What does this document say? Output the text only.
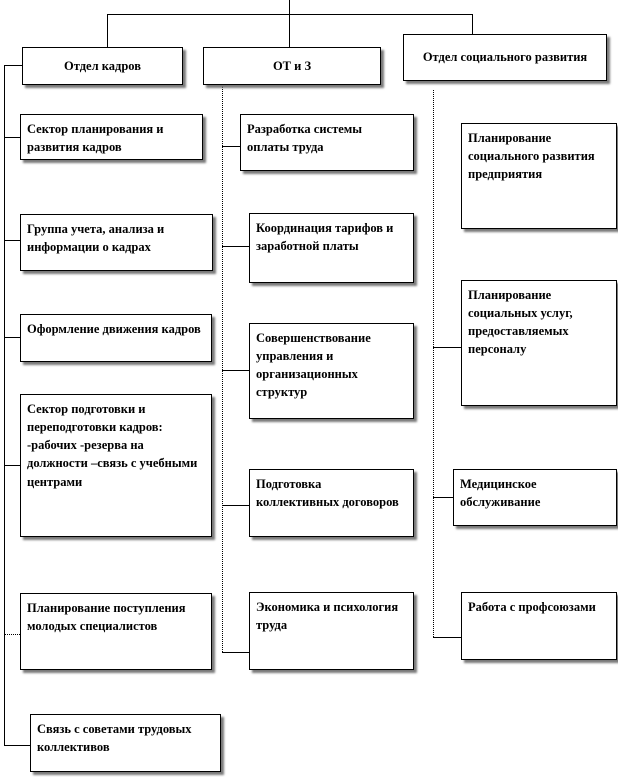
Отдел кадров	ОТ и З
Отдел социального развития
Сектор планирования и развития кадров
Группа учета, анализа и информации о кадрах
Оформление движения кадров
Сектор подготовки и переподготовки кадров: -рабочих -резерва на должности –связь с учебными центрами
Планирование поступления молодых специалистов
Связь с советами трудовых коллективов
Разработка системы оплаты труда
Координация тарифов и заработной платы
Совершенствование управления и организационных структур
Подготовка коллективных договоров
Экономика и психология труда
Планирование социального развития предприятия
Планирование социальных услуг, предоставляемых персоналу
Медицинское обслуживание
Работа с профсоюзами
